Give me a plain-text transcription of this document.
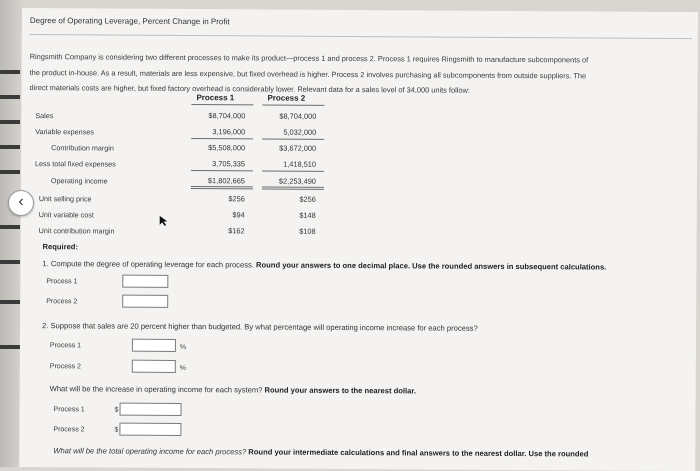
Degree of Operating Leverage, Percent Change in Profit
Ringsmith Company is considering two different processes to make its product—process 1 and process 2. Process 1 requires Ringsmith to manufacture subcomponents of
the product in-house. As a result, materials are less expensive, but fixed overhead is higher. Process 2 involves purchasing all subcomponents from outside suppliers. The
direct materials costs are higher, but fixed factory overhead is considerably lower. Relevant data for a sales level of 34,000 units follow:
Process 1	Process 2
Sales	$8,704,000	$8,704,000
Variable expenses	3,196,000	5,032,000
Contribution margin	$5,508,000	$3,672,000
Less total fixed expenses	3,705,335	1,418,510
Operating income	$1,802,665	$2,253,490
Unit selling price	$256	$256
Unit variable cost	$94	$148
Unit contribution margin	$162	$108
Required:
1. Compute the degree of operating leverage for each process. Round your answers to one decimal place. Use the rounded answers in subsequent calculations.
Process 1
Process 2
2. Suppose that sales are 20 percent higher than budgeted. By what percentage will operating income increase for each process?
Process 1	%
Process 2	%
What will be the increase in operating income for each system? Round your answers to the nearest dollar.
Process 1	$
Process 2	$
What will be the total operating income for each process? Round your intermediate calculations and final answers to the nearest dollar. Use the rounded
‹
